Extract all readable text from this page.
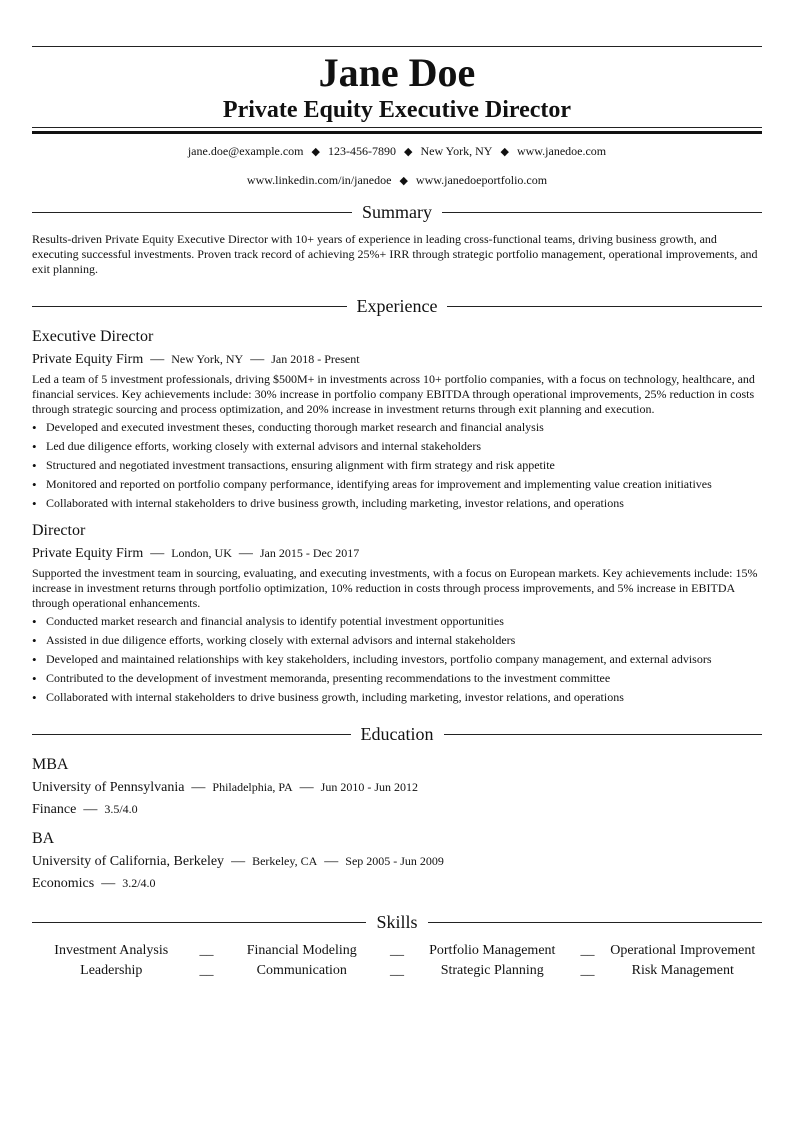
Jane Doe
Private Equity Executive Director
jane.doe@example.com ◆ 123-456-7890 ◆ New York, NY ◆ www.janedoe.com
www.linkedin.com/in/janedoe ◆ www.janedoeportfolio.com
Summary
Results-driven Private Equity Executive Director with 10+ years of experience in leading cross-functional teams, driving business growth, and executing successful investments. Proven track record of achieving 25%+ IRR through strategic portfolio management, operational improvements, and exit planning.
Experience
Executive Director
Private Equity Firm — New York, NY — Jan 2018 - Present
Led a team of 5 investment professionals, driving $500M+ in investments across 10+ portfolio companies, with a focus on technology, healthcare, and financial services. Key achievements include: 30% increase in portfolio company EBITDA through operational improvements, 25% reduction in costs through strategic sourcing and process optimization, and 20% increase in investment returns through exit planning and execution.
• Developed and executed investment theses, conducting thorough market research and financial analysis
• Led due diligence efforts, working closely with external advisors and internal stakeholders
• Structured and negotiated investment transactions, ensuring alignment with firm strategy and risk appetite
• Monitored and reported on portfolio company performance, identifying areas for improvement and implementing value creation initiatives
• Collaborated with internal stakeholders to drive business growth, including marketing, investor relations, and operations
Director
Private Equity Firm — London, UK — Jan 2015 - Dec 2017
Supported the investment team in sourcing, evaluating, and executing investments, with a focus on European markets. Key achievements include: 15% increase in investment returns through portfolio optimization, 10% reduction in costs through process improvements, and 5% increase in EBITDA through operational enhancements.
• Conducted market research and financial analysis to identify potential investment opportunities
• Assisted in due diligence efforts, working closely with external advisors and internal stakeholders
• Developed and maintained relationships with key stakeholders, including investors, portfolio company management, and external advisors
• Contributed to the development of investment memoranda, presenting recommendations to the investment committee
• Collaborated with internal stakeholders to drive business growth, including marketing, investor relations, and operations
Education
MBA
University of Pennsylvania — Philadelphia, PA — Jun 2010 - Jun 2012
Finance — 3.5/4.0
BA
University of California, Berkeley — Berkeley, CA — Sep 2005 - Jun 2009
Economics — 3.2/4.0
Skills
Investment Analysis	__	Financial Modeling	__	Portfolio Management	__	Operational Improvement
Leadership	__	Communication	__	Strategic Planning	__	Risk Management
